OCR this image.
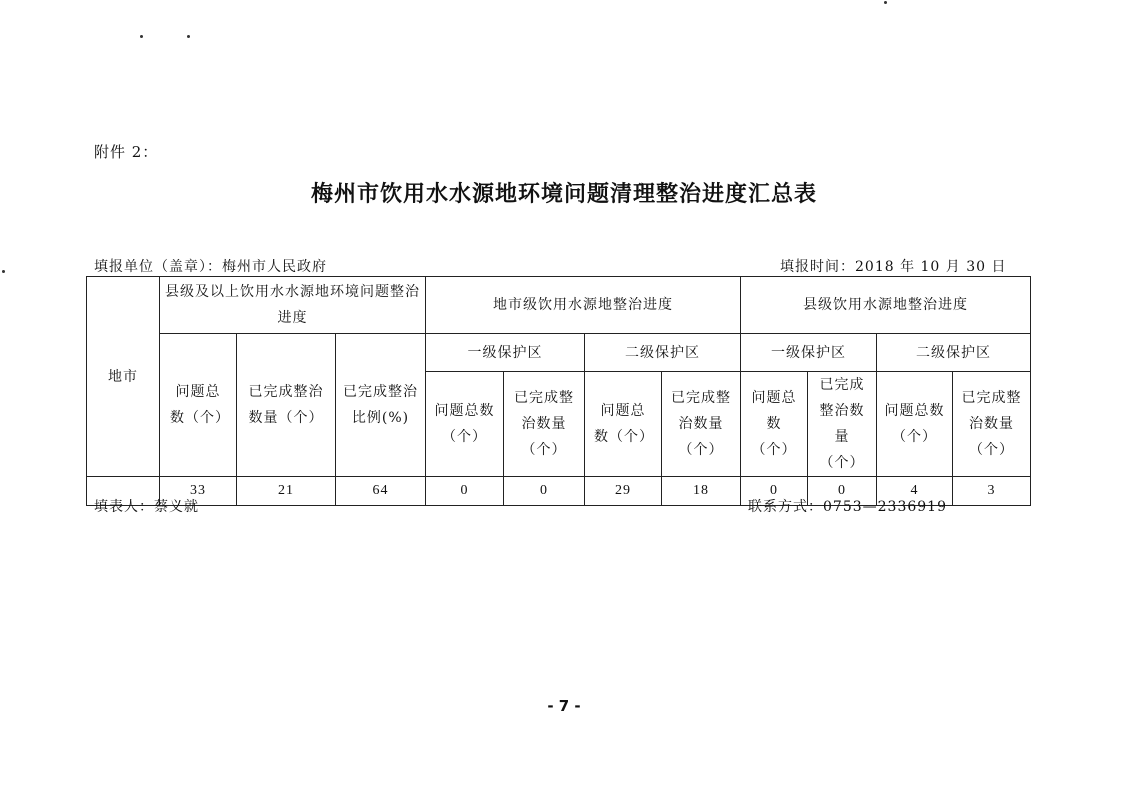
附件 2：
梅州市饮用水水源地环境问题清理整治进度汇总表
填报单位（盖章）：梅州市人民政府	填报时间：2018 年 10 月 30 日
地市	县级及以上饮用水水源地环境问题整治进度			地市级饮用水源地整治进度				县级饮用水源地整治进度			
	问题总数（个）	已完成整治数量（个）	已完成整治比例(%)	一级保护区		二级保护区		一级保护区		二级保护区	
				问题总数（个）	已完成整治数量（个）	问题总数（个）	已完成整治数量（个）	问题总数（个）	已完成整治数量（个）	问题总数（个）	已完成整治数量（个）
	33	21	64	0	0	29	18	0	0	4	3
填表人：蔡义就	联系方式：0753—2336919
- 7 -
